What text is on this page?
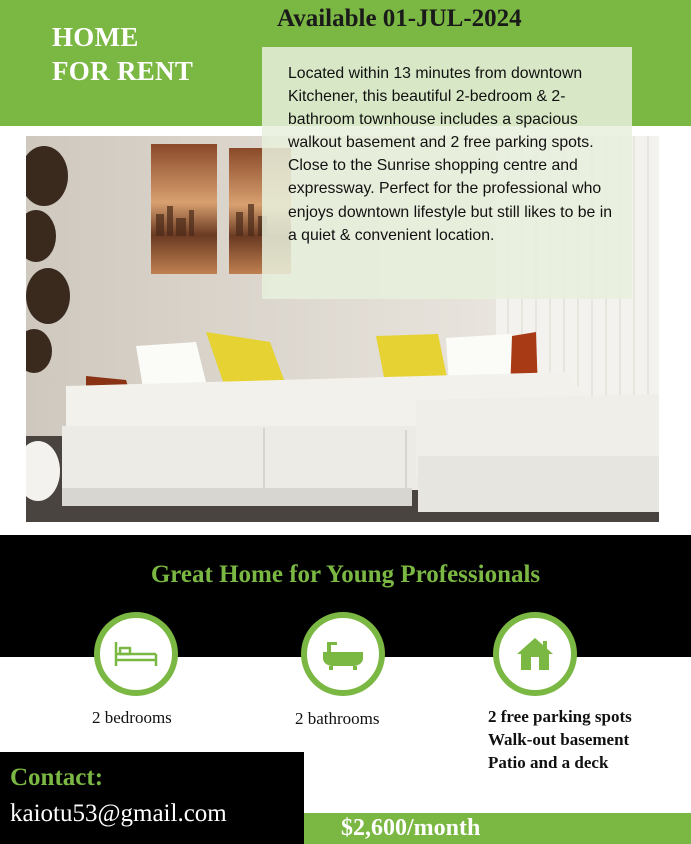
HOME
FOR RENT
Available 01-JUL-2024

Located within 13 minutes from downtown Kitchener, this beautiful 2-bedroom & 2-bathroom townhouse includes a spacious walkout basement and 2 free parking spots. Close to the Sunrise shopping centre and expressway. Perfect for the professional who enjoys downtown lifestyle but still likes to be in a quiet & convenient location.

Great Home for Young Professionals
2 bedrooms	2 bathrooms	2 free parking spots
Walk-out basement
Patio and a deck
Contact:
kaiotu53@gmail.com
$2,600/month
